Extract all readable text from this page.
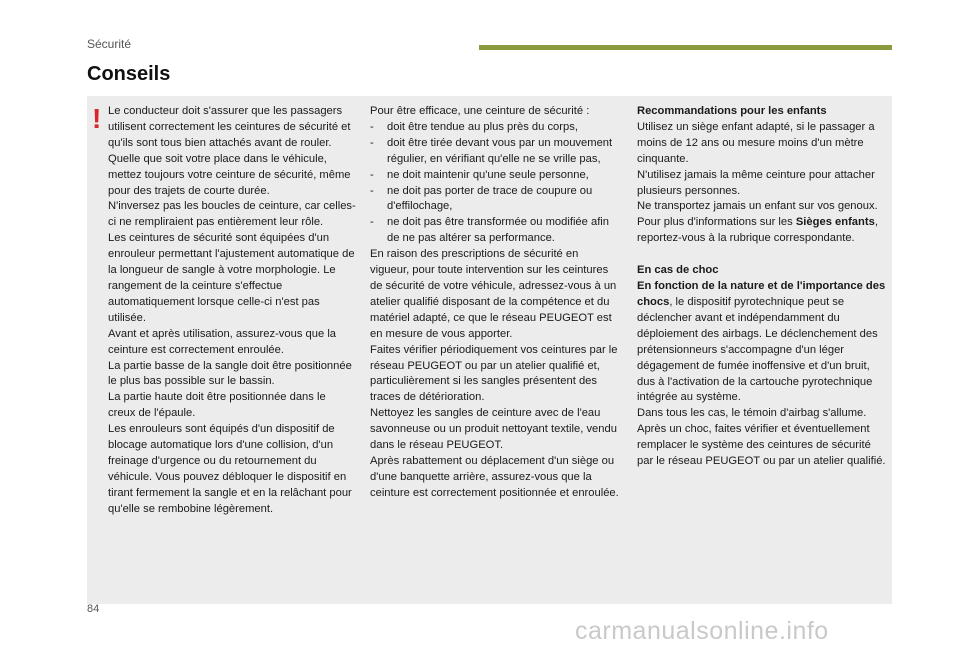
Sécurité
Conseils
! Le conducteur doit s'assurer que les passagers utilisent correctement les ceintures de sécurité et qu'ils sont tous bien attachés avant de rouler.

Quelle que soit votre place dans le véhicule, mettez toujours votre ceinture de sécurité, même pour des trajets de courte durée.

N'inversez pas les boucles de ceinture, car celles-ci ne rempliraient pas entièrement leur rôle.

Les ceintures de sécurité sont équipées d'un enrouleur permettant l'ajustement automatique de la longueur de sangle à votre morphologie. Le rangement de la ceinture s'effectue automatiquement lorsque celle-ci n'est pas utilisée.

Avant et après utilisation, assurez-vous que la ceinture est correctement enroulée.

La partie basse de la sangle doit être positionnée le plus bas possible sur le bassin.

La partie haute doit être positionnée dans le creux de l'épaule.

Les enrouleurs sont équipés d'un dispositif de blocage automatique lors d'une collision, d'un freinage d'urgence ou du retournement du véhicule. Vous pouvez débloquer le dispositif en tirant fermement la sangle et en la relâchant pour qu'elle se rembobine légèrement.

Pour être efficace, une ceinture de sécurité :

-	doit être tendue au plus près du corps,
-	doit être tirée devant vous par un mouvement régulier, en vérifiant qu'elle ne se vrille pas,
-	ne doit maintenir qu'une seule personne,
-	ne doit pas porter de trace de coupure ou d'effilochage,
-	ne doit pas être transformée ou modifiée afin de ne pas altérer sa performance.

En raison des prescriptions de sécurité en vigueur, pour toute intervention sur les ceintures de sécurité de votre véhicule, adressez-vous à un atelier qualifié disposant de la compétence et du matériel adapté, ce que le réseau PEUGEOT est en mesure de vous apporter.

Faites vérifier périodiquement vos ceintures par le réseau PEUGEOT ou par un atelier qualifié et, particulièrement si les sangles présentent des traces de détérioration.

Nettoyez les sangles de ceinture avec de l'eau savonneuse ou un produit nettoyant textile, vendu dans le réseau PEUGEOT.

Après rabattement ou déplacement d'un siège ou d'une banquette arrière, assurez-vous que la ceinture est correctement positionnée et enroulée.

Recommandations pour les enfants

Utilisez un siège enfant adapté, si le passager a moins de 12 ans ou mesure moins d'un mètre cinquante.

N'utilisez jamais la même ceinture pour attacher plusieurs personnes.

Ne transportez jamais un enfant sur vos genoux.

Pour plus d'informations sur les Sièges enfants, reportez-vous à la rubrique correspondante.

En cas de choc

En fonction de la nature et de l'importance des chocs, le dispositif pyrotechnique peut se déclencher avant et indépendamment du déploiement des airbags. Le déclenchement des prétensionneurs s'accompagne d'un léger dégagement de fumée inoffensive et d'un bruit, dus à l'activation de la cartouche pyrotechnique intégrée au système.

Dans tous les cas, le témoin d'airbag s'allume.

Après un choc, faites vérifier et éventuellement remplacer le système des ceintures de sécurité par le réseau PEUGEOT ou par un atelier qualifié.

84
carmanualsonline.info
